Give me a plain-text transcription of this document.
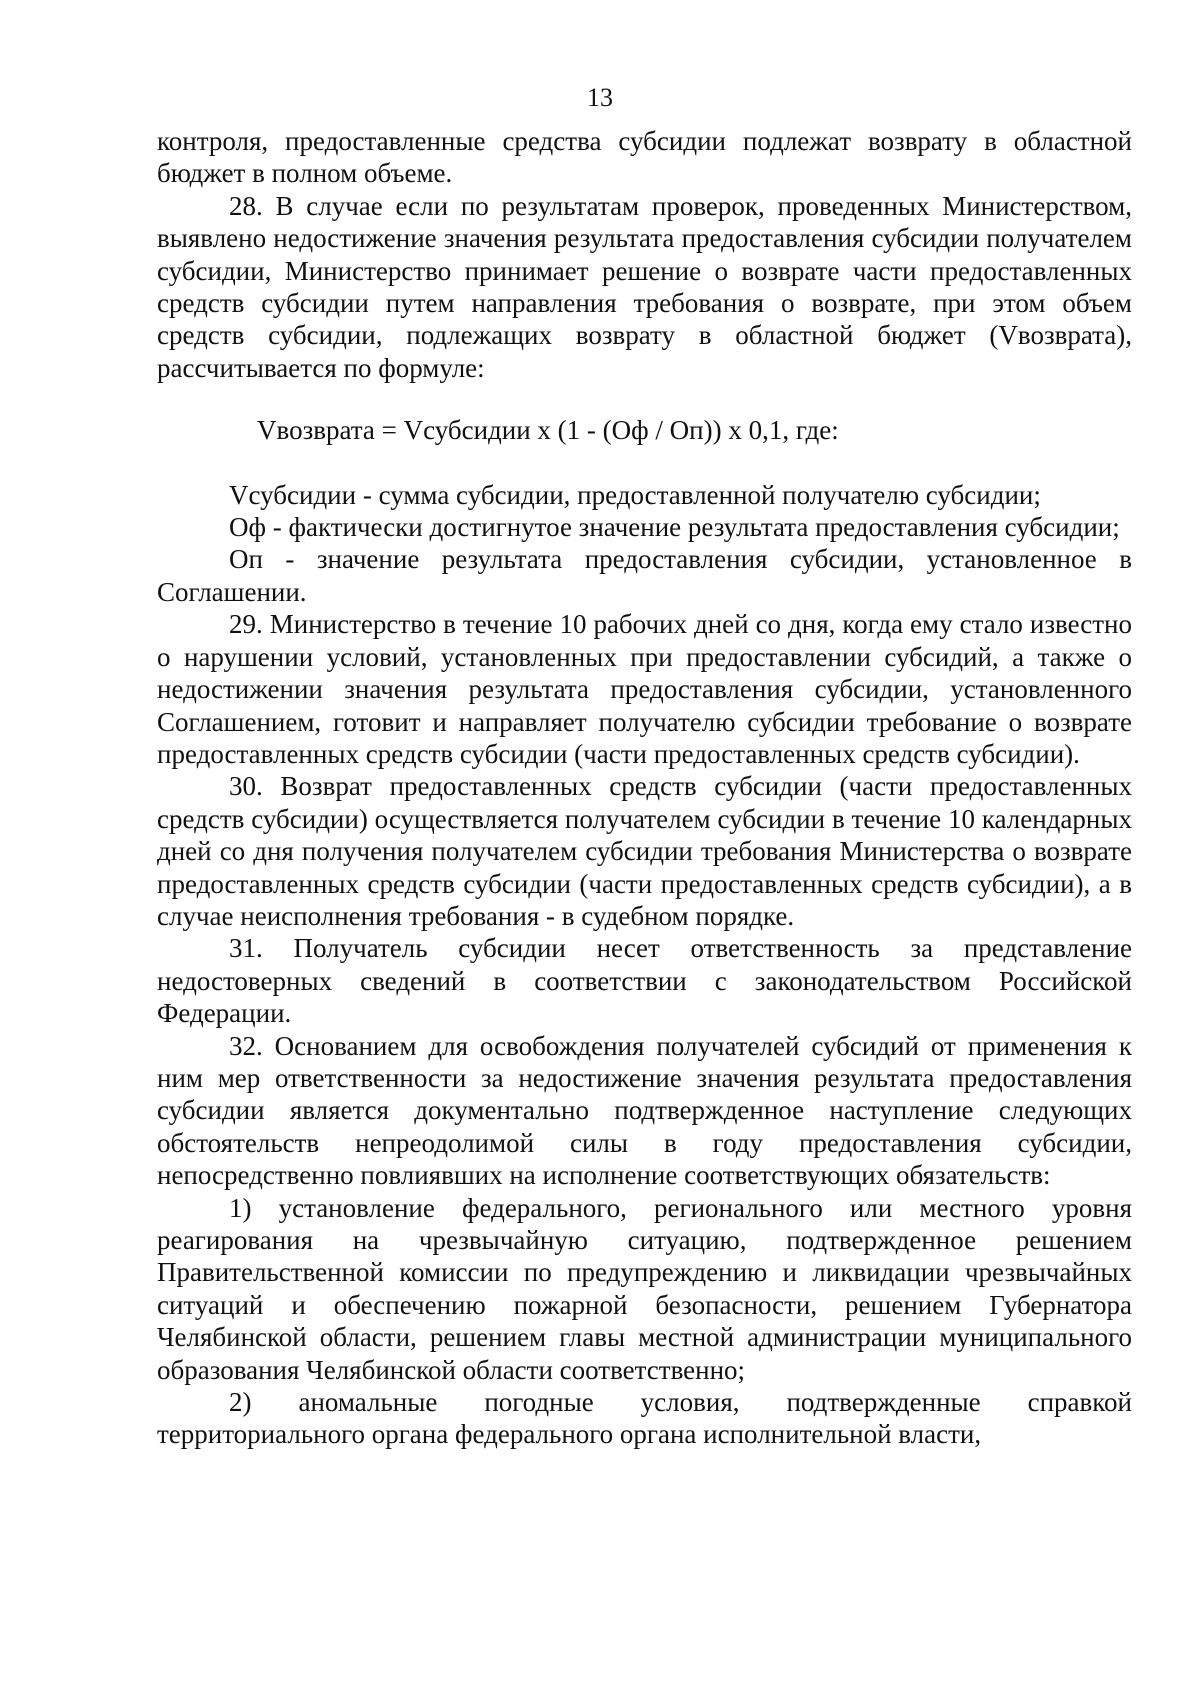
13

контроля, предоставленные средства субсидии подлежат возврату в областной бюджет в полном объеме.

28. В случае если по результатам проверок, проведенных Министерством, выявлено недостижение значения результата предоставления субсидии получателем субсидии, Министерство принимает решение о возврате части предоставленных средств субсидии путем направления требования о возврате, при этом объем средств субсидии, подлежащих возврату в областной бюджет (Vвозврата), рассчитывается по формуле:

Vвозврата = Vсубсидии x (1 - (Оф / Оп)) x 0,1, где:

Vсубсидии - сумма субсидии, предоставленной получателю субсидии;

Оф - фактически достигнутое значение результата предоставления субсидии;

Оп - значение результата предоставления субсидии, установленное в Соглашении.

29. Министерство в течение 10 рабочих дней со дня, когда ему стало известно о нарушении условий, установленных при предоставлении субсидий, а также о недостижении значения результата предоставления субсидии, установленного Соглашением, готовит и направляет получателю субсидии требование о возврате предоставленных средств субсидии (части предоставленных средств субсидии).

30. Возврат предоставленных средств субсидии (части предоставленных средств субсидии) осуществляется получателем субсидии в течение 10 календарных дней со дня получения получателем субсидии требования Министерства о возврате предоставленных средств субсидии (части предоставленных средств субсидии), а в случае неисполнения требования - в судебном порядке.

31. Получатель субсидии несет ответственность за представление недостоверных сведений в соответствии с законодательством Российской Федерации.

32. Основанием для освобождения получателей субсидий от применения к ним мер ответственности за недостижение значения результата предоставления субсидии является документально подтвержденное наступление следующих обстоятельств непреодолимой силы в году предоставления субсидии, непосредственно повлиявших на исполнение соответствующих обязательств:

1) установление федерального, регионального или местного уровня реагирования на чрезвычайную ситуацию, подтвержденное решением Правительственной комиссии по предупреждению и ликвидации чрезвычайных ситуаций и обеспечению пожарной безопасности, решением Губернатора Челябинской области, решением главы местной администрации муниципального образования Челябинской области соответственно;

2) аномальные погодные условия, подтвержденные справкой территориального органа федерального органа исполнительной власти,
